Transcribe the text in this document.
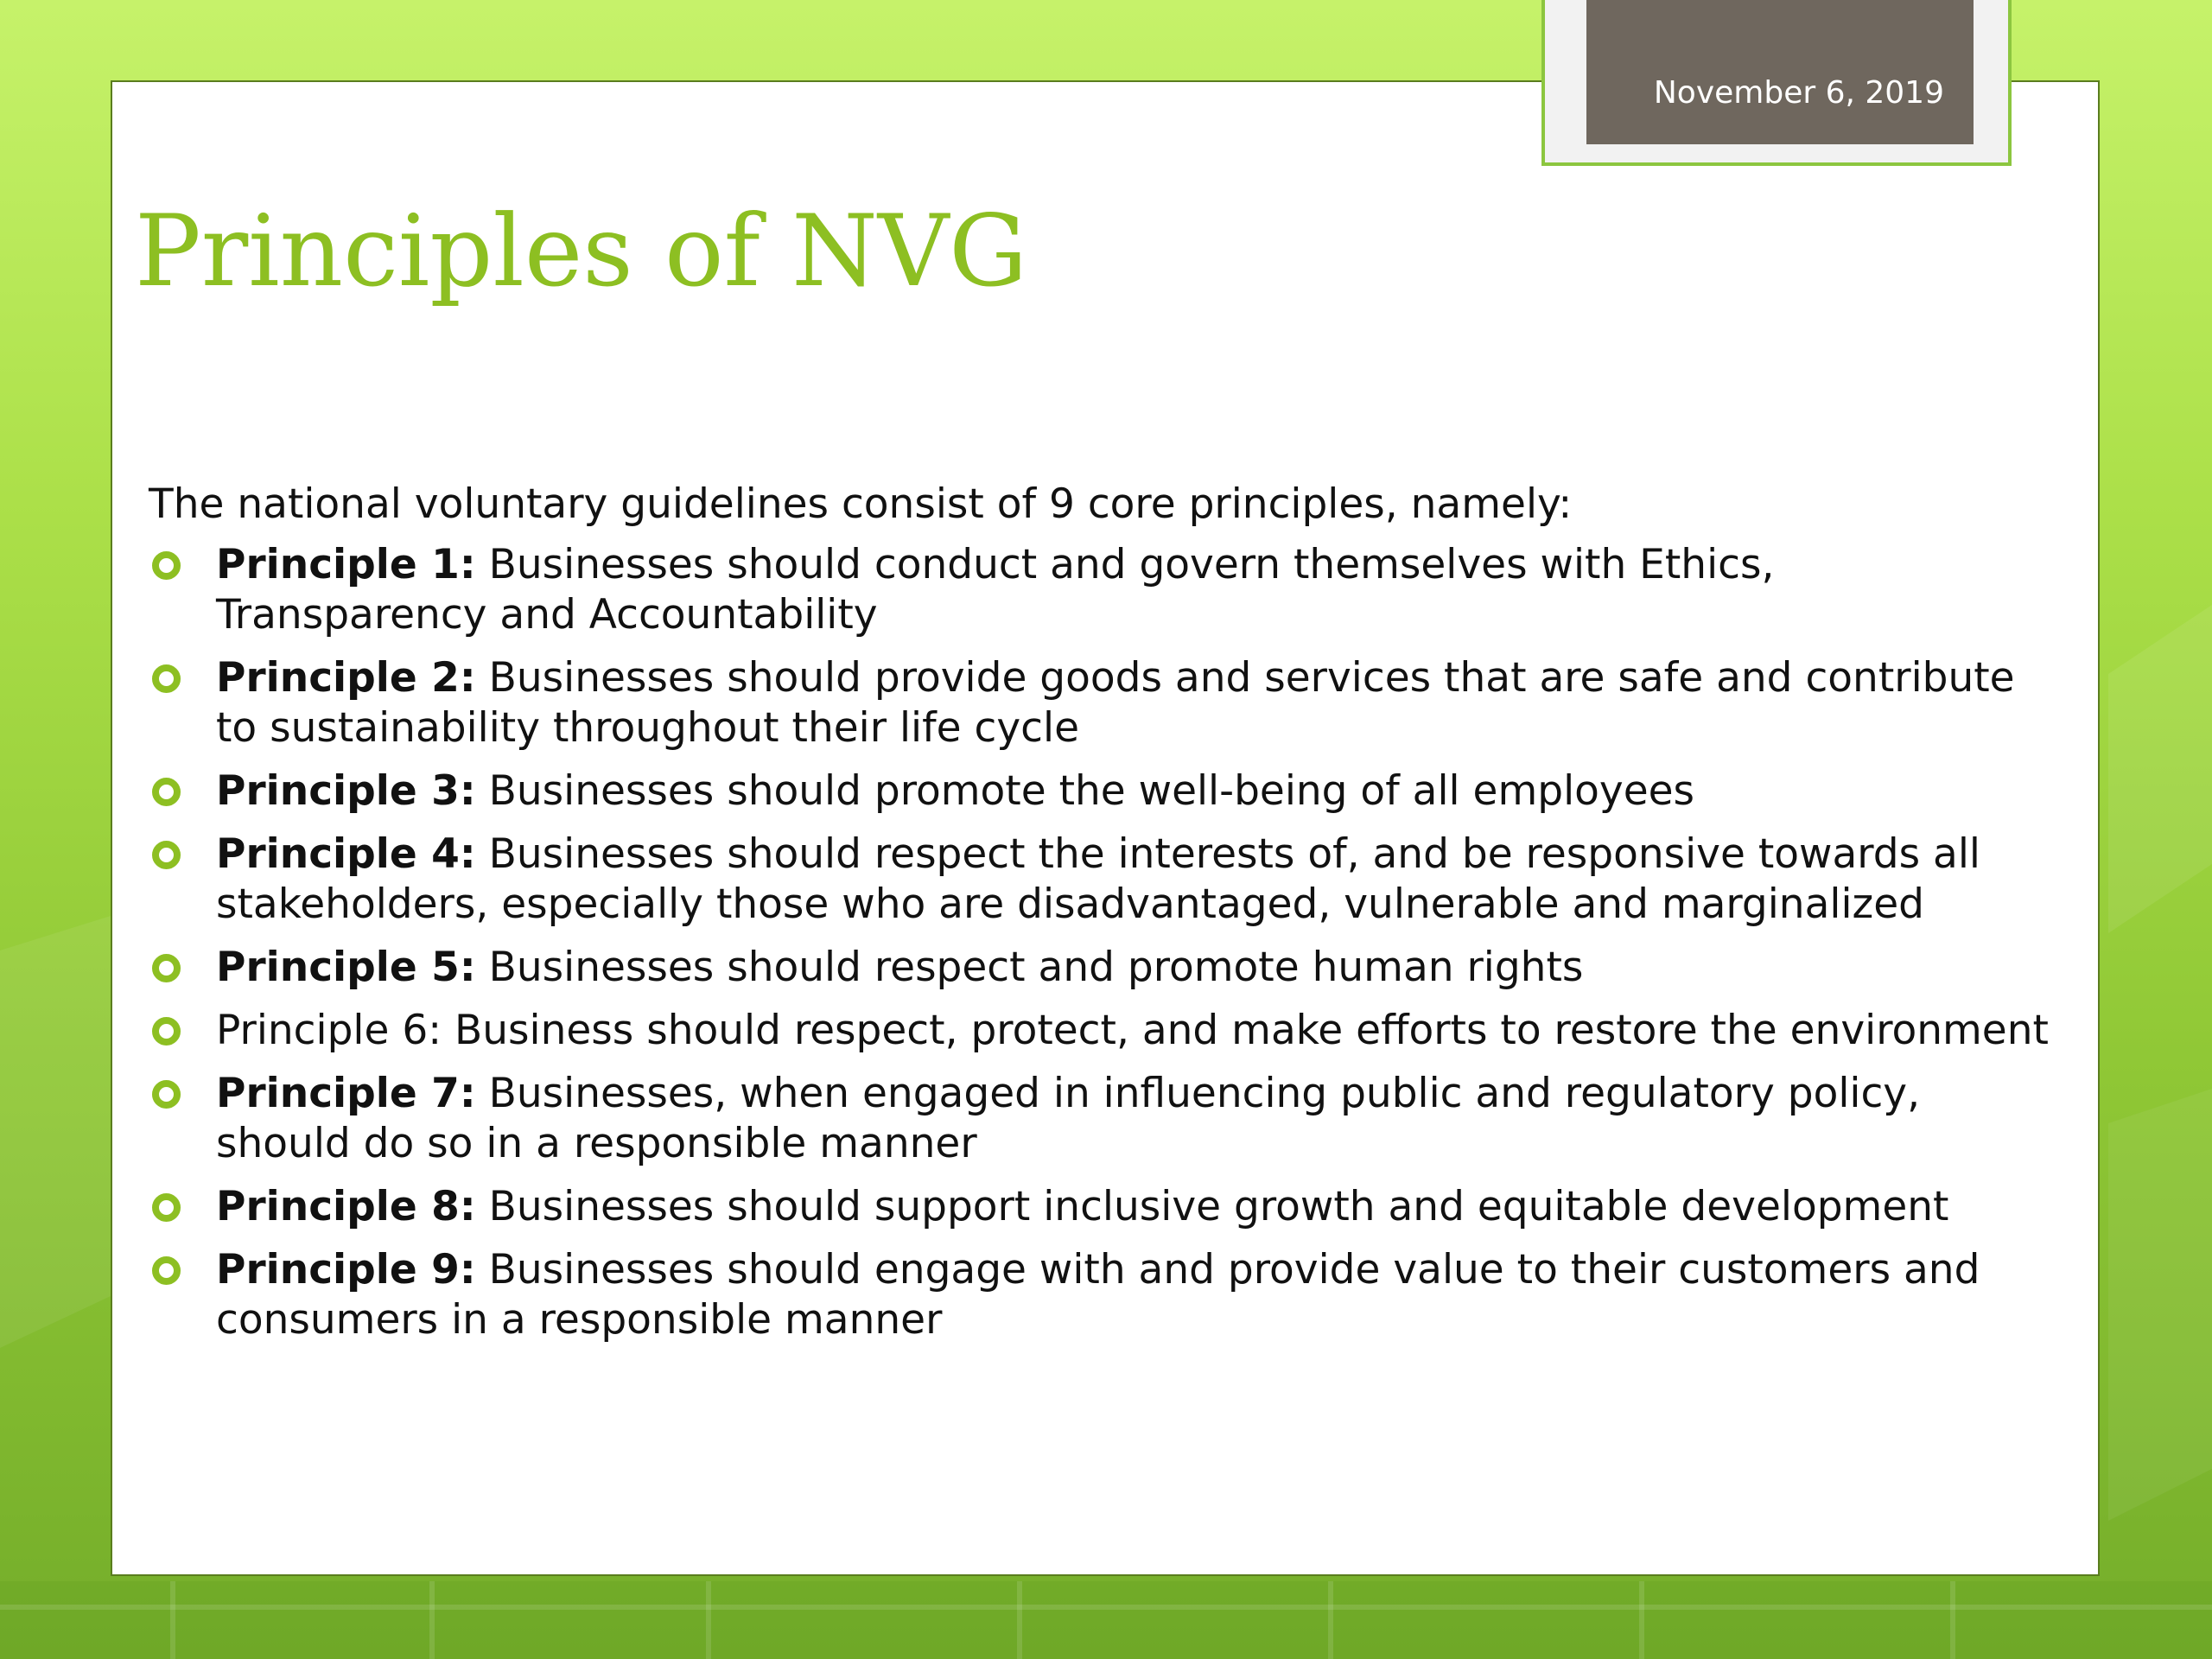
November 6, 2019
Principles of NVG

The national voluntary guidelines consist of 9 core principles, namely:

Principle 1: Businesses should conduct and govern themselves with Ethics, Transparency and Accountability
Principle 2: Businesses should provide goods and services that are safe and contribute to sustainability throughout their life cycle
Principle 3: Businesses should promote the well-being of all employees
Principle 4: Businesses should respect the interests of, and be responsive towards all stakeholders, especially those who are disadvantaged, vulnerable and marginalized
Principle 5: Businesses should respect and promote human rights
Principle 6: Business should respect, protect, and make efforts to restore the environment
Principle 7: Businesses, when engaged in influencing public and regulatory policy, should do so in a responsible manner
Principle 8: Businesses should support inclusive growth and equitable development
Principle 9: Businesses should engage with and provide value to their customers and consumers in a responsible manner
